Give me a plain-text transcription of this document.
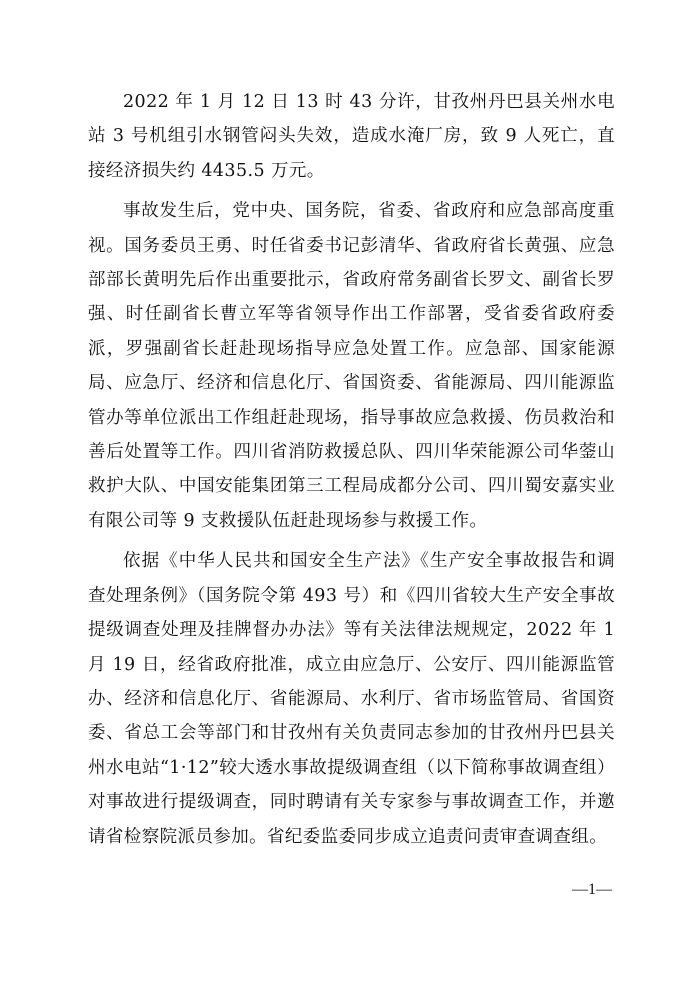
2022 年 1 月 12 日 13 时 43 分许，甘孜州丹巴县关州水电站 3 号机组引水钢管闷头失效，造成水淹厂房，致 9 人死亡，直接经济损失约 4435.5 万元。

事故发生后，党中央、国务院，省委、省政府和应急部高度重视。国务委员王勇、时任省委书记彭清华、省政府省长黄强、应急部部长黄明先后作出重要批示，省政府常务副省长罗文、副省长罗强、时任副省长曹立军等省领导作出工作部署，受省委省政府委派，罗强副省长赶赴现场指导应急处置工作。应急部、国家能源局、应急厅、经济和信息化厅、省国资委、省能源局、四川能源监管办等单位派出工作组赶赴现场，指导事故应急救援、伤员救治和善后处置等工作。四川省消防救援总队、四川华荣能源公司华蓥山救护大队、中国安能集团第三工程局成都分公司、四川蜀安嘉实业有限公司等 9 支救援队伍赶赴现场参与救援工作。

依据《中华人民共和国安全生产法》《生产安全事故报告和调查处理条例》（国务院令第 493 号）和《四川省较大生产安全事故提级调查处理及挂牌督办办法》等有关法律法规规定，2022 年 1 月 19 日，经省政府批准，成立由应急厅、公安厅、四川能源监管办、经济和信息化厅、省能源局、水利厅、省市场监管局、省国资委、省总工会等部门和甘孜州有关负责同志参加的甘孜州丹巴县关州水电站“1·12”较大透水事故提级调查组（以下简称事故调查组）对事故进行提级调查，同时聘请有关专家参与事故调查工作，并邀请省检察院派员参加。省纪委监委同步成立追责问责审查调查组。

—1—
